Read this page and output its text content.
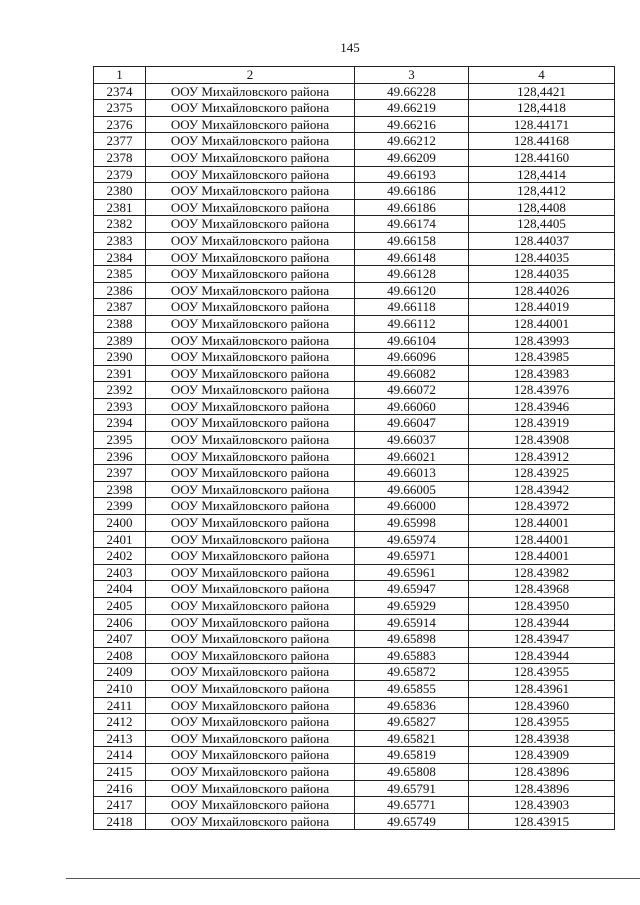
145
1	2	3	4
2374	ООУ Михайловского района	49.66228	128,4421
2375	ООУ Михайловского района	49.66219	128,4418
2376	ООУ Михайловского района	49.66216	128.44171
2377	ООУ Михайловского района	49.66212	128.44168
2378	ООУ Михайловского района	49.66209	128.44160
2379	ООУ Михайловского района	49.66193	128,4414
2380	ООУ Михайловского района	49.66186	128,4412
2381	ООУ Михайловского района	49.66186	128,4408
2382	ООУ Михайловского района	49.66174	128,4405
2383	ООУ Михайловского района	49.66158	128.44037
2384	ООУ Михайловского района	49.66148	128.44035
2385	ООУ Михайловского района	49.66128	128.44035
2386	ООУ Михайловского района	49.66120	128.44026
2387	ООУ Михайловского района	49.66118	128.44019
2388	ООУ Михайловского района	49.66112	128.44001
2389	ООУ Михайловского района	49.66104	128.43993
2390	ООУ Михайловского района	49.66096	128.43985
2391	ООУ Михайловского района	49.66082	128.43983
2392	ООУ Михайловского района	49.66072	128.43976
2393	ООУ Михайловского района	49.66060	128.43946
2394	ООУ Михайловского района	49.66047	128.43919
2395	ООУ Михайловского района	49.66037	128.43908
2396	ООУ Михайловского района	49.66021	128.43912
2397	ООУ Михайловского района	49.66013	128.43925
2398	ООУ Михайловского района	49.66005	128.43942
2399	ООУ Михайловского района	49.66000	128.43972
2400	ООУ Михайловского района	49.65998	128.44001
2401	ООУ Михайловского района	49.65974	128.44001
2402	ООУ Михайловского района	49.65971	128.44001
2403	ООУ Михайловского района	49.65961	128.43982
2404	ООУ Михайловского района	49.65947	128.43968
2405	ООУ Михайловского района	49.65929	128.43950
2406	ООУ Михайловского района	49.65914	128.43944
2407	ООУ Михайловского района	49.65898	128.43947
2408	ООУ Михайловского района	49.65883	128.43944
2409	ООУ Михайловского района	49.65872	128.43955
2410	ООУ Михайловского района	49.65855	128.43961
2411	ООУ Михайловского района	49.65836	128.43960
2412	ООУ Михайловского района	49.65827	128.43955
2413	ООУ Михайловского района	49.65821	128.43938
2414	ООУ Михайловского района	49.65819	128.43909
2415	ООУ Михайловского района	49.65808	128.43896
2416	ООУ Михайловского района	49.65791	128.43896
2417	ООУ Михайловского района	49.65771	128.43903
2418	ООУ Михайловского района	49.65749	128.43915
